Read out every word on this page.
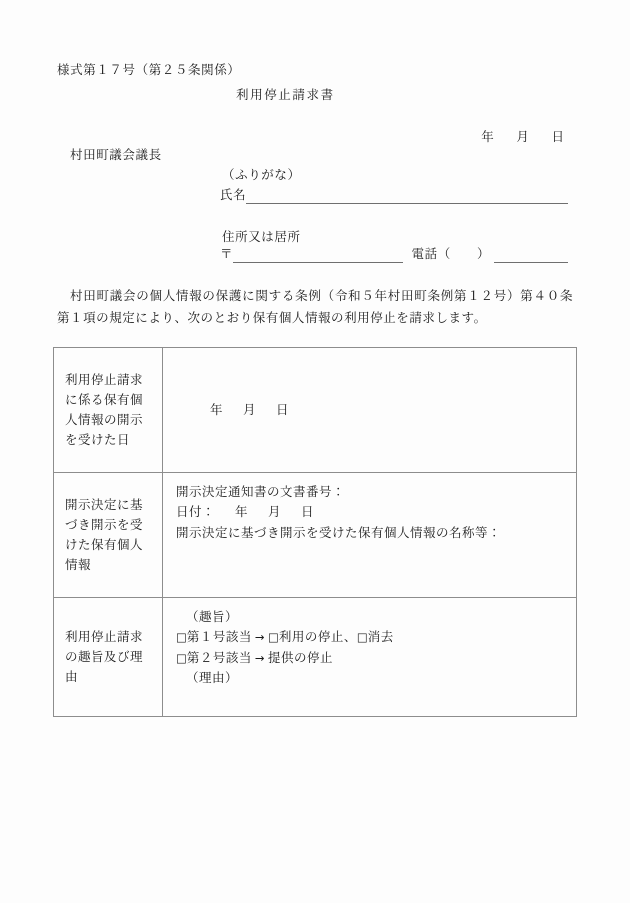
様式第１７号（第２５条関係）
利用停止請求書

年 月 日

村田町議会議長
（ふりがな）
氏名
住所又は居所
〒	電話（　　）
村田町議会の個人情報の保護に関する条例（令和５年村田町条例第１２号）第４０条第１項の規定により、次のとおり保有個人情報の利用停止を請求します。
利用停止請求に係る保有個人情報の開示を受けた日	年 月 日

開示決定に基づき開示を受けた保有個人情報	開示決定通知書の文書番号：
日付： 年 月 日
開示決定に基づき開示を受けた保有個人情報の名称等：

利用停止請求の趣旨及び理由	（趣旨）
□第１号該当 → □利用の停止、□消去
□第２号該当 → 提供の停止
（理由）
